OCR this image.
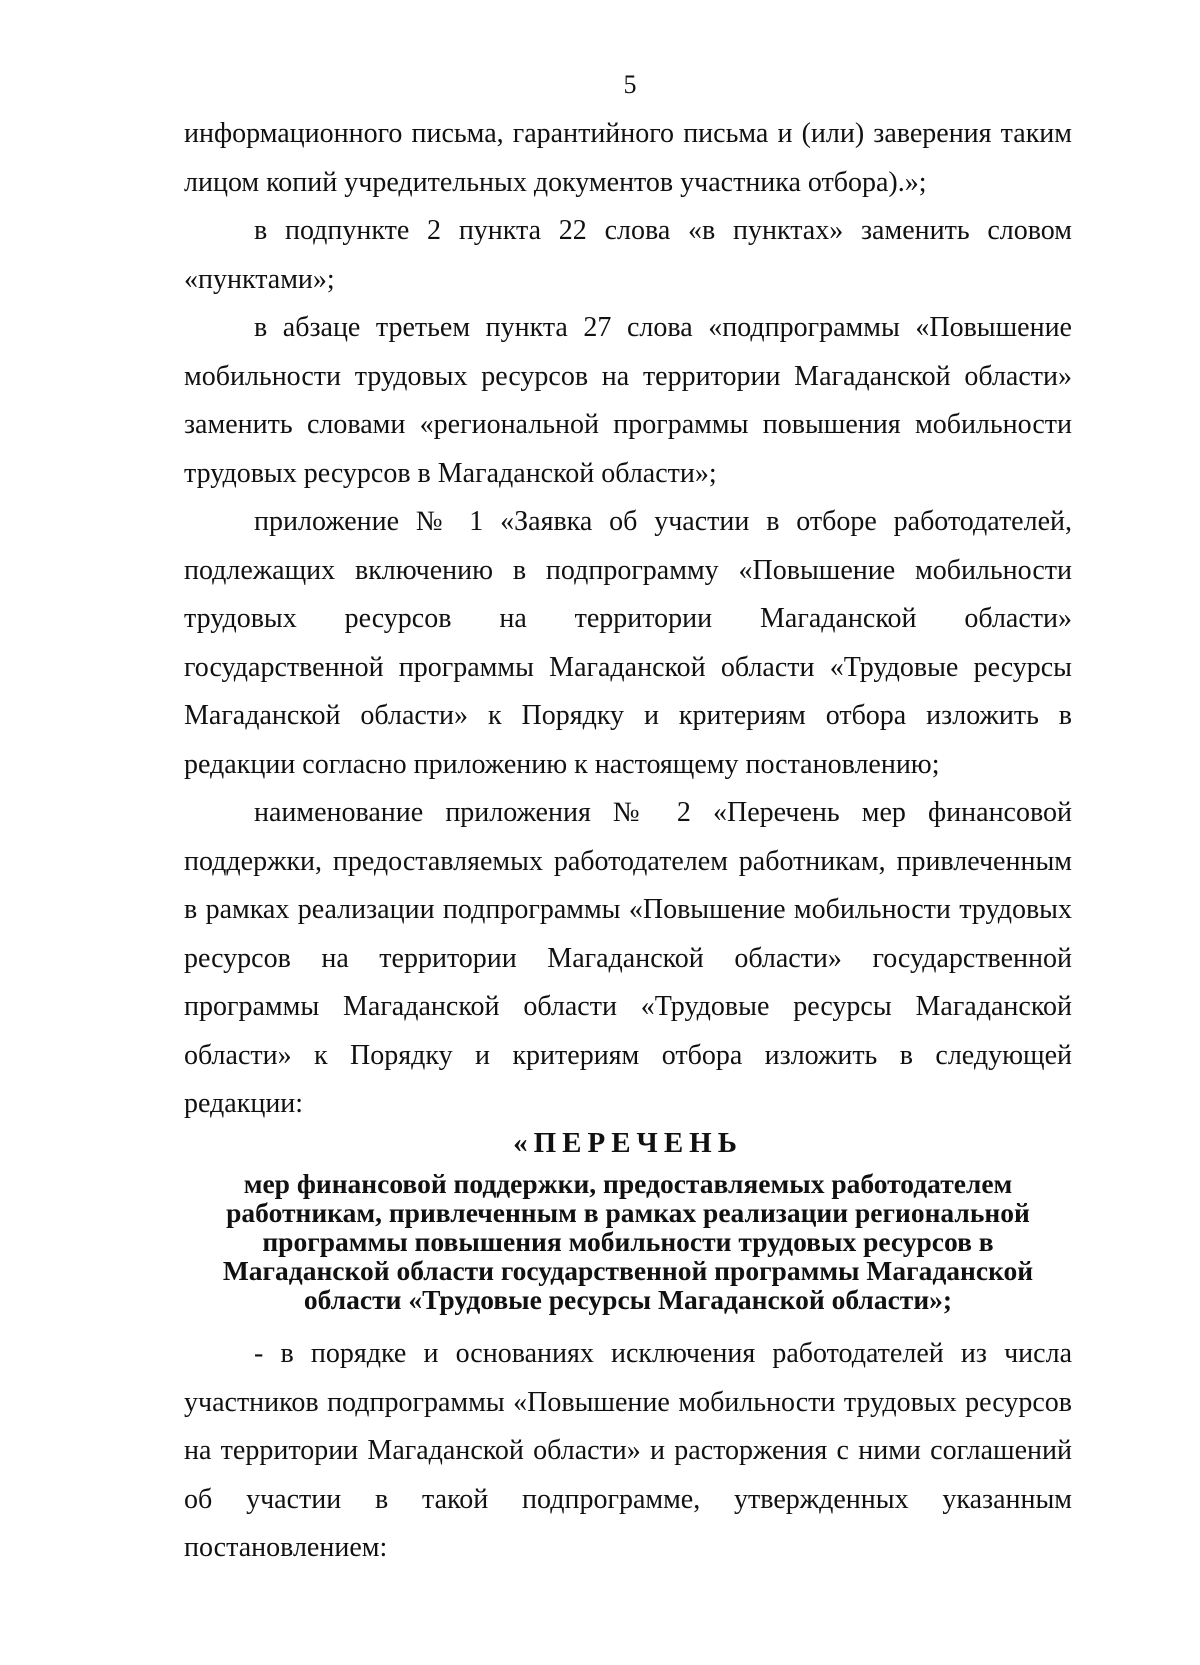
5

информационного письма, гарантийного письма и (или) заверения таким лицом копий учредительных документов участника отбора).»;

в подпункте 2 пункта 22 слова «в пунктах» заменить словом «пунктами»;

в абзаце третьем пункта 27 слова «подпрограммы «Повышение мобильности трудовых ресурсов на территории Магаданской области» заменить словами «региональной программы повышения мобильности трудовых ресурсов в Магаданской области»;

приложение № 1 «Заявка об участии в отборе работодателей, подлежащих включению в подпрограмму «Повышение мобильности трудовых ресурсов на территории Магаданской области» государственной программы Магаданской области «Трудовые ресурсы Магаданской области» к Порядку и критериям отбора изложить в редакции согласно приложению к настоящему постановлению;

наименование приложения № 2 «Перечень мер финансовой поддержки, предоставляемых работодателем работникам, привлеченным в рамках реализации подпрограммы «Повышение мобильности трудовых ресурсов на территории Магаданской области» государственной программы Магаданской области «Трудовые ресурсы Магаданской области» к Порядку и критериям отбора изложить в следующей редакции:

«ПЕРЕЧЕНЬ

мер финансовой поддержки, предоставляемых работодателем работникам, привлеченным в рамках реализации региональной программы повышения мобильности трудовых ресурсов в Магаданской области государственной программы Магаданской области «Трудовые ресурсы Магаданской области»;

- в порядке и основаниях исключения работодателей из числа участников подпрограммы «Повышение мобильности трудовых ресурсов на территории Магаданской области» и расторжения с ними соглашений об участии в такой подпрограмме, утвержденных указанным постановлением:
